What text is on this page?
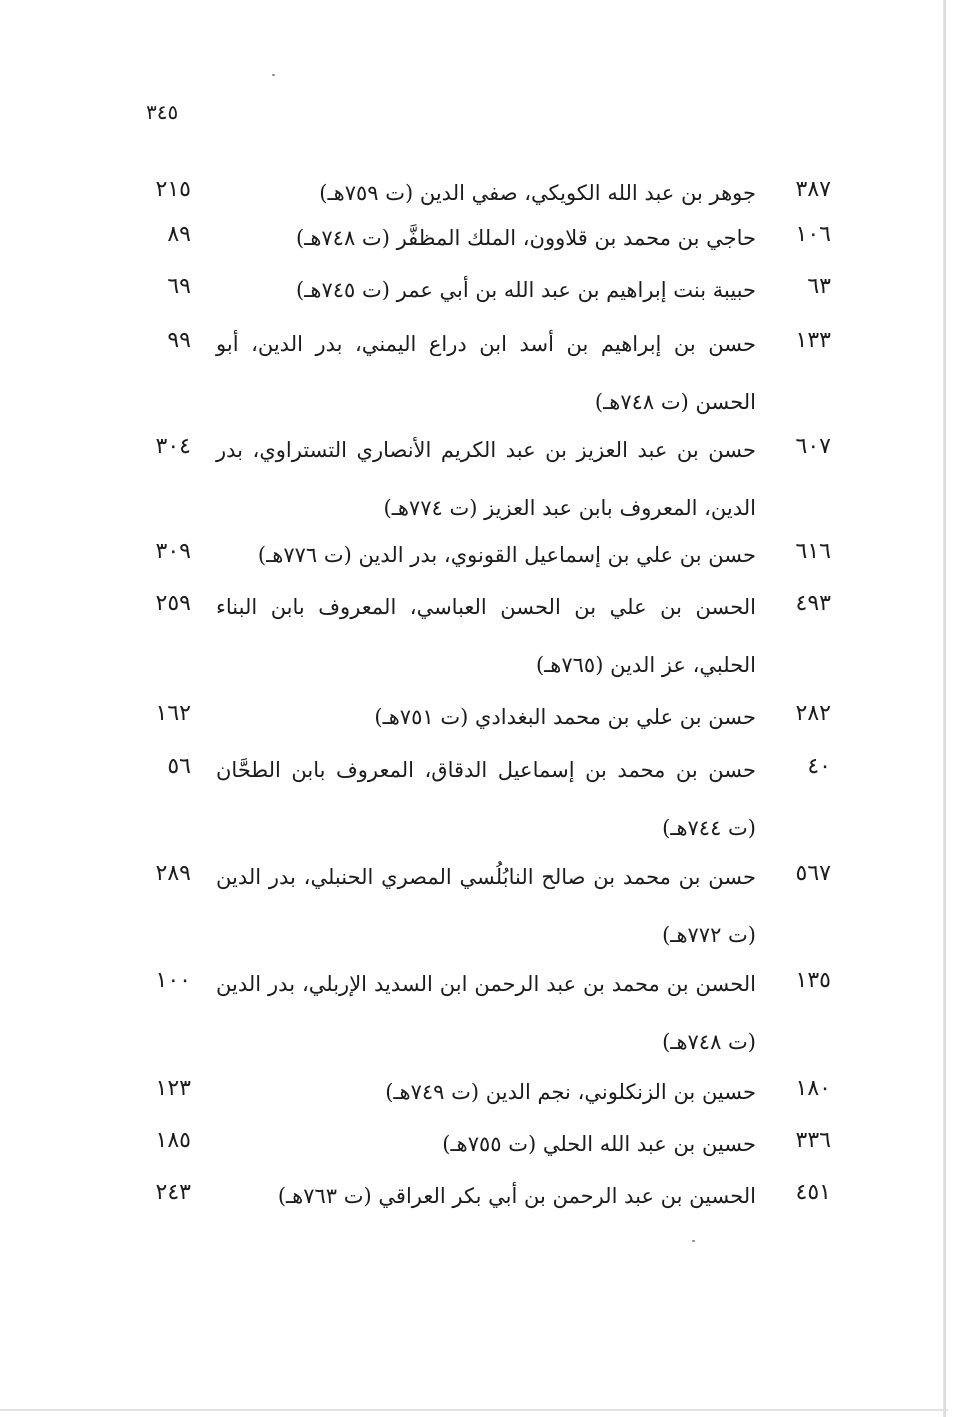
٣٤٥
٣٨٧
جوهر بن عبد الله الكويكي، صفي الدين (ت ٧٥٩هـ)
٢١٥
١٠٦
حاجي بن محمد بن قلاوون، الملك المظفَّر (ت ٧٤٨هـ)
٨٩
٦٣
حبيبة بنت إبراهيم بن عبد الله بن أبي عمر (ت ٧٤٥هـ)
٦٩
١٣٣
حسن بن إبراهيم بن أسد ابن دراع اليمني، بدر الدين، أبو الحسن (ت ٧٤٨هـ)
٩٩
٦٠٧
حسن بن عبد العزيز بن عبد الكريم الأنصاري التستراوي، بدر الدين، المعروف بابن عبد العزيز (ت ٧٧٤هـ)
٣٠٤
٦١٦
حسن بن علي بن إسماعيل القونوي، بدر الدين (ت ٧٧٦هـ)
٣٠٩
٤٩٣
الحسن بن علي بن الحسن العباسي، المعروف بابن البناء الحلبي، عز الدين (٧٦٥هـ)
٢٥٩
٢٨٢
حسن بن علي بن محمد البغدادي (ت ٧٥١هـ)
١٦٢
٤٠
حسن بن محمد بن إسماعيل الدقاق، المعروف بابن الطحَّان (ت ٧٤٤هـ)
٥٦
٥٦٧
حسن بن محمد بن صالح النابُلُسي المصري الحنبلي، بدر الدين (ت ٧٧٢هـ)
٢٨٩
١٣٥
الحسن بن محمد بن عبد الرحمن ابن السديد الإربلي، بدر الدين (ت ٧٤٨هـ)
١٠٠
١٨٠
حسين بن الزنكلوني، نجم الدين (ت ٧٤٩هـ)
١٢٣
٣٣٦
حسين بن عبد الله الحلي (ت ٧٥٥هـ)
١٨٥
٤٥١
الحسين بن عبد الرحمن بن أبي بكر العراقي (ت ٧٦٣هـ)
٢٤٣
